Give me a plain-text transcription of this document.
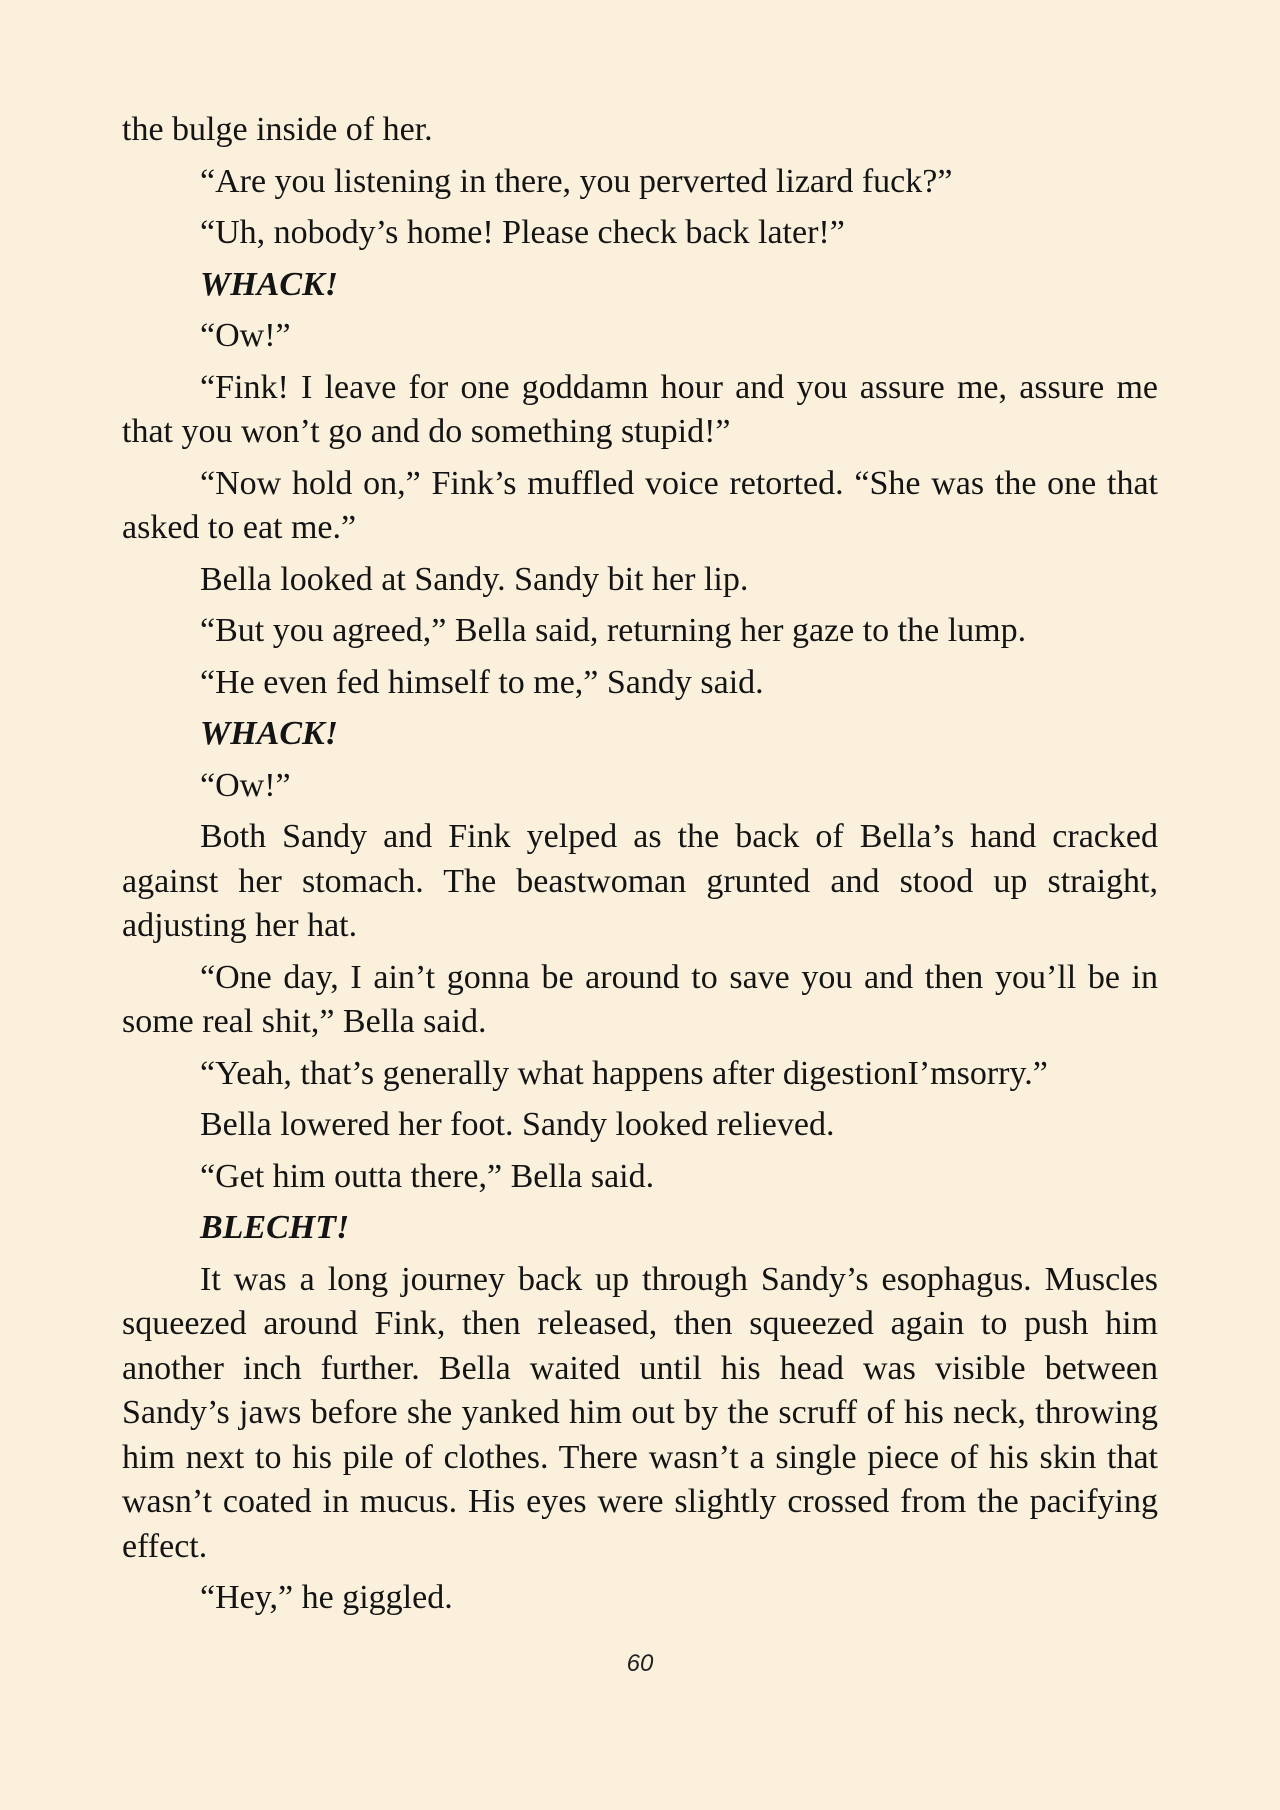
the bulge inside of her.

“Are you listening in there, you perverted lizard fuck?”

“Uh, nobody’s home! Please check back later!”

WHACK!

“Ow!”

“Fink! I leave for one goddamn hour and you assure me, assure me that you won’t go and do something stupid!”

“Now hold on,” Fink’s muffled voice retorted. “She was the one that asked to eat me.”

Bella looked at Sandy. Sandy bit her lip.

“But you agreed,” Bella said, returning her gaze to the lump.

“He even fed himself to me,” Sandy said.

WHACK!

“Ow!”

Both Sandy and Fink yelped as the back of Bella’s hand cracked against her stomach. The beastwoman grunted and stood up straight, adjusting her hat.

“One day, I ain’t gonna be around to save you and then you’ll be in some real shit,” Bella said.

“Yeah, that’s generally what happens after digestionI’msorry.”

Bella lowered her foot. Sandy looked relieved.

“Get him outta there,” Bella said.

BLECHT!

It was a long journey back up through Sandy’s esophagus. Muscles squeezed around Fink, then released, then squeezed again to push him another inch further. Bella waited until his head was visible between Sandy’s jaws before she yanked him out by the scruff of his neck, throwing him next to his pile of clothes. There wasn’t a single piece of his skin that wasn’t coated in mucus. His eyes were slightly crossed from the pacifying effect.

“Hey,” he giggled.

60
